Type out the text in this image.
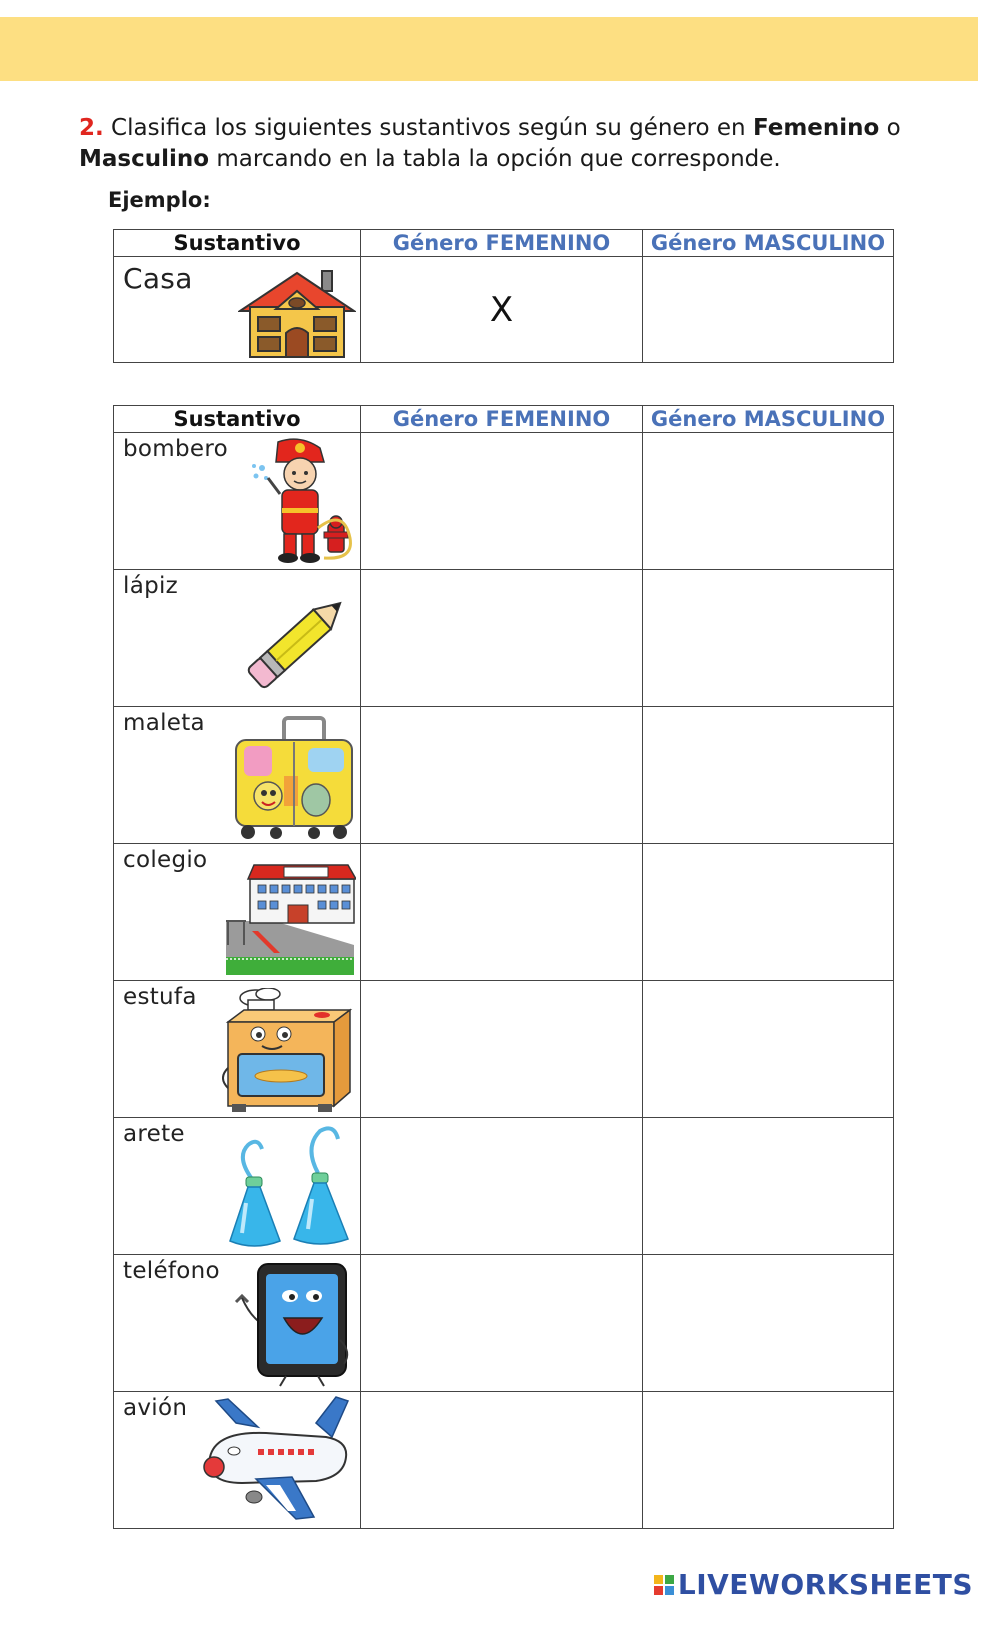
2. Clasifica los siguientes sustantivos según su género en Femenino o
Masculino marcando en la tabla la opción que corresponde.
Ejemplo:
Sustantivo	Género FEMENINO	Género MASCULINO

Casa	X	
Sustantivo	Género FEMENINO	Género MASCULINO

bombero		

lápiz		

maleta		

colegio		

estufa		

arete		

teléfono		

avión		

LIVEWORKSHEETS
